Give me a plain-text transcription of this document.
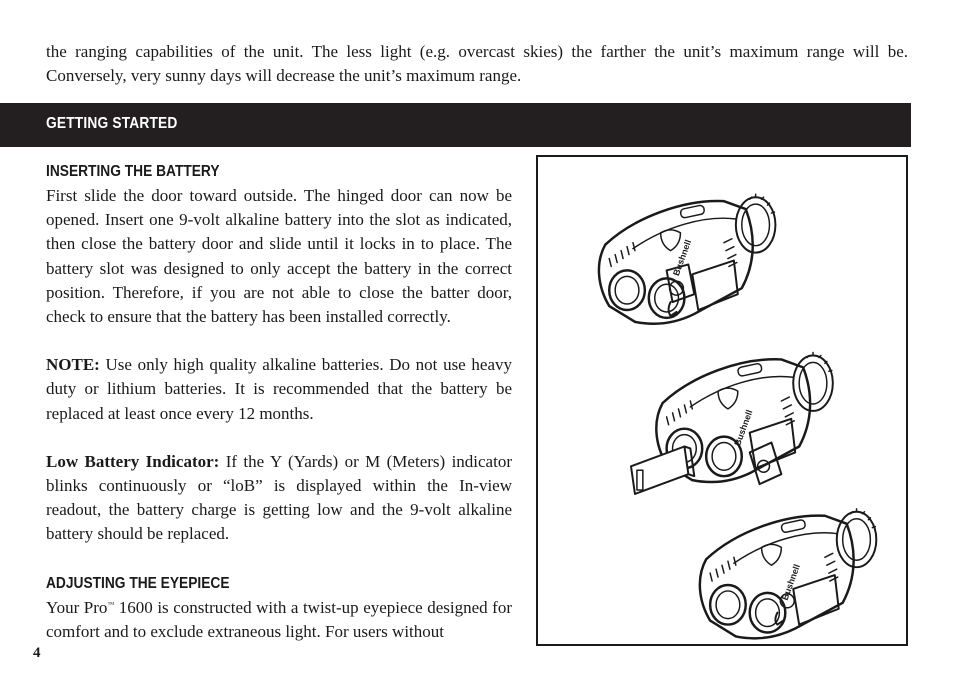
the ranging capabilities of the unit. The less light (e.g. overcast skies) the farther the unit’s maximum range will be. Conversely, very sunny days will decrease the unit’s maximum range.

GETTING STARTED
INSERTING THE BATTERY

First slide the door toward outside. The hinged door can now be opened. Insert one 9-volt alkaline battery into the slot as indicated, then close the battery door and slide until it locks in to place. The battery slot was designed to only accept the battery in the correct position. Therefore, if you are not able to close the batter door, check to ensure that the battery has been installed correctly.

NOTE: Use only high quality alkaline batteries. Do not use heavy duty or lithium batteries. It is recommended that the battery be replaced at least once every 12 months.

Low Battery Indicator: If the Y (Yards) or M (Meters) indicator blinks continuously or “loB” is displayed within the In-view readout, the battery charge is getting low and the 9-volt alkaline battery should be replaced.

ADJUSTING THE EYEPIECE

Your Pro™ 1600 is constructed with a twist-up eyepiece designed for comfort and to exclude extraneous light. For users without

4
Bushnell
Bushnell
Bushnell
